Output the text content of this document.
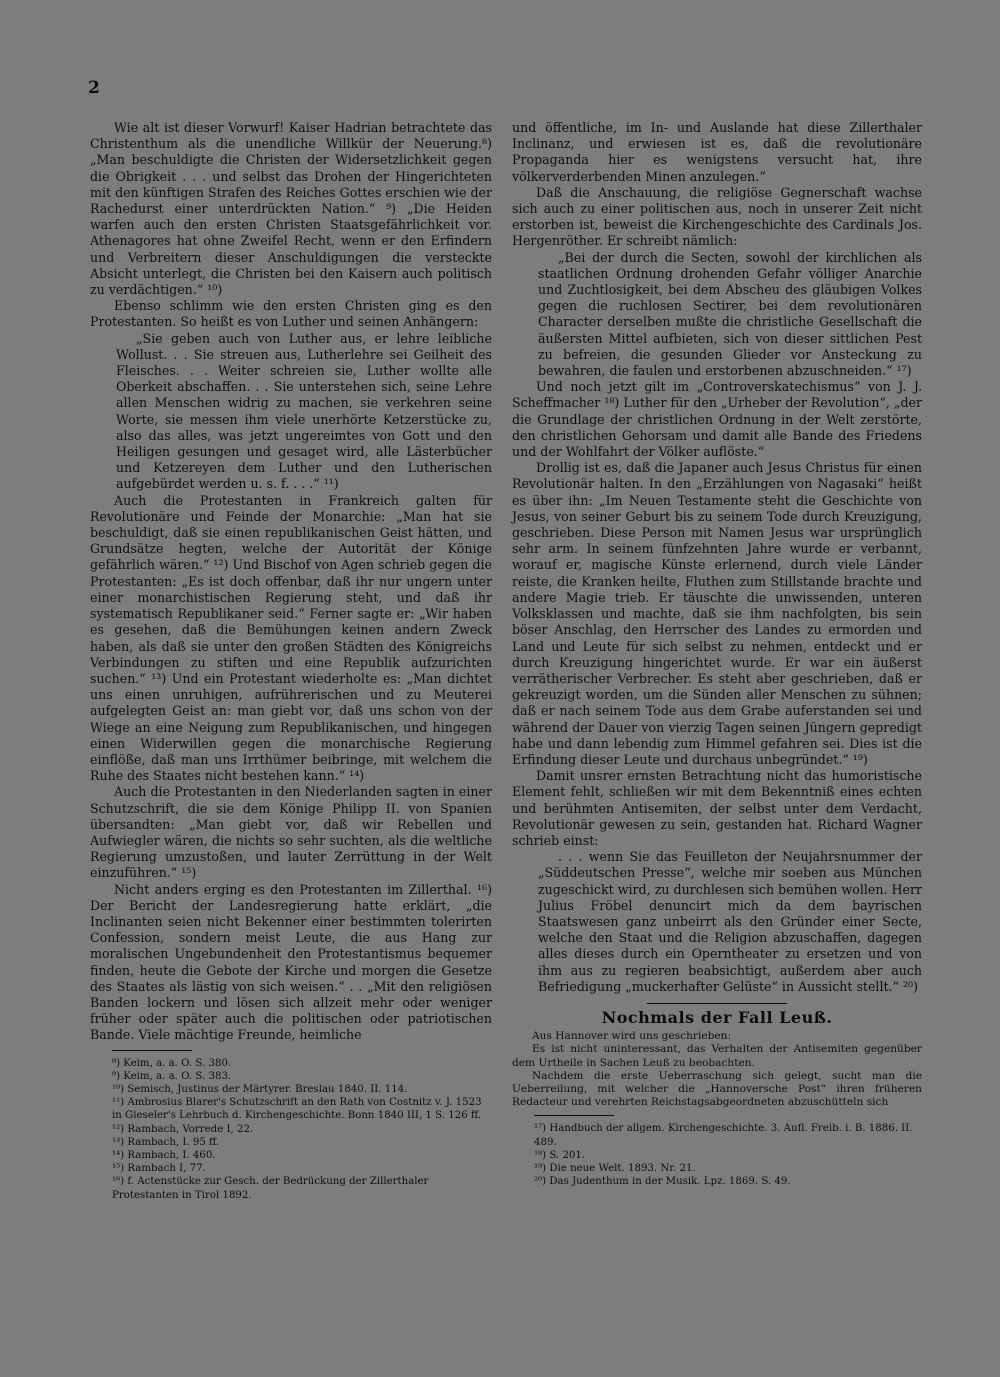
2

Wie alt ist dieser Vorwurf! Kaiser Hadrian betrachtete das Christenthum als die unendliche Willkür der Neuerung.⁸) „Man beschuldigte die Christen der Widersetzlichkeit gegen die Obrigkeit . . . und selbst das Drohen der Hingerichteten mit den künftigen Strafen des Reiches Gottes erschien wie der Rachedurst einer unterdrückten Nation.“ ⁹) „Die Heiden warfen auch den ersten Christen Staatsgefährlichkeit vor. Athenagores hat ohne Zweifel Recht, wenn er den Erfindern und Verbreitern dieser Anschuldigungen die versteckte Absicht unterlegt, die Christen bei den Kaisern auch politisch zu verdächtigen.“ ¹⁰)

Ebenso schlimm wie den ersten Christen ging es den Protestanten. So heißt es von Luther und seinen Anhängern:

„Sie geben auch von Luther aus, er lehre leibliche Wollust. . . Sie streuen aus, Lutherlehre sei Geilheit des Fleisches. . . Weiter schreien sie, Luther wollte alle Oberkeit abschaffen. . . Sie unterstehen sich, seine Lehre allen Menschen widrig zu machen, sie verkehren seine Worte, sie messen ihm viele unerhörte Ketzerstücke zu, also das alles, was jetzt ungereimtes von Gott und den Heiligen gesungen und gesaget wird, alle Lästerbücher und Ketzereyen dem Luther und den Lutherischen aufgebürdet werden u. s. f. . . .“ ¹¹)

Auch die Protestanten in Frankreich galten für Revolutionäre und Feinde der Monarchie: „Man hat sie beschuldigt, daß sie einen republikanischen Geist hätten, und Grundsätze hegten, welche der Autorität der Könige gefährlich wären.“ ¹²) Und Bischof von Agen schrieb gegen die Protestanten: „Es ist doch offenbar, daß ihr nur ungern unter einer monarchistischen Regierung steht, und daß ihr systematisch Republikaner seid.“ Ferner sagte er: „Wir haben es gesehen, daß die Bemühungen keinen andern Zweck haben, als daß sie unter den großen Städten des Königreichs Verbindungen zu stiften und eine Republik aufzurichten suchen.“ ¹³) Und ein Protestant wiederholte es: „Man dichtet uns einen unruhigen, aufrührerischen und zu Meuterei aufgelegten Geist an: man giebt vor, daß uns schon von der Wiege an eine Neigung zum Republikanischen, und hingegen einen Widerwillen gegen die monarchische Regierung einflöße, daß man uns Irrthümer beibringe, mit welchem die Ruhe des Staates nicht bestehen kann.“ ¹⁴)

Auch die Protestanten in den Niederlanden sagten in einer Schutzschrift, die sie dem Könige Philipp II. von Spanien übersandten: „Man giebt vor, daß wir Rebellen und Aufwiegler wären, die nichts so sehr suchten, als die weltliche Regierung umzustoßen, und lauter Zerrüttung in der Welt einzuführen.“ ¹⁵)

Nicht anders erging es den Protestanten im Zillerthal. ¹⁶) Der Bericht der Landesregierung hatte erklärt, „die Inclinanten seien nicht Bekenner einer bestimmten tolerirten Confession, sondern meist Leute, die aus Hang zur moralischen Ungebundenheit den Protestantismus bequemer finden, heute die Gebote der Kirche und morgen die Gesetze des Staates als lästig von sich weisen.“ . . „Mit den religiösen Banden lockern und lösen sich allzeit mehr oder weniger früher oder später auch die politischen oder patriotischen Bande. Viele mächtige Freunde, heimliche

⁸) Keim, a. a. O. S. 380.

⁹) Keim, a. a. O. S. 383.

¹⁰) Semisch, Justinus der Märtyrer. Breslau 1840. II. 114.

¹¹) Ambrosius Blarer's Schutzschrift an den Rath von Costnitz v. J. 1523 in Gieseler's Lehrbuch d. Kirchengeschichte. Bonn 1840 III, 1 S. 126 ff.

¹²) Rambach, Vorrede I, 22.

¹³) Rambach, I. 95 ff.

¹⁴) Rambach, I. 460.

¹⁵) Rambach I, 77.

¹⁶) f. Actenstücke zur Gesch. der Bedrückung der Zillerthaler Protestanten in Tirol 1892.

und öffentliche, im In- und Auslande hat diese Zillerthaler Inclinanz, und erwiesen ist es, daß die revolutionäre Propaganda hier es wenigstens versucht hat, ihre völkerverderbenden Minen anzulegen.“

Daß die Anschauung, die religiöse Gegnerschaft wachse sich auch zu einer politischen aus, noch in unserer Zeit nicht erstorben ist, beweist die Kirchengeschichte des Cardinals Jos. Hergenröther. Er schreibt nämlich:

„Bei der durch die Secten, sowohl der kirchlichen als staatlichen Ordnung drohenden Gefahr völliger Anarchie und Zuchtlosigkeit, bei dem Abscheu des gläubigen Volkes gegen die ruchlosen Sectirer, bei dem revolutionären Character derselben mußte die christliche Gesellschaft die äußersten Mittel aufbieten, sich von dieser sittlichen Pest zu befreien, die gesunden Glieder vor Ansteckung zu bewahren, die faulen und erstorbenen abzuschneiden.“ ¹⁷)

Und noch jetzt gilt im „Controverskatechismus“ von J. J. Scheffmacher ¹⁸) Luther für den „Urheber der Revolution“, „der die Grundlage der christlichen Ordnung in der Welt zerstörte, den christlichen Gehorsam und damit alle Bande des Friedens und der Wohlfahrt der Völker auflöste.“

Drollig ist es, daß die Japaner auch Jesus Christus für einen Revolutionär halten. In den „Erzählungen von Nagasaki“ heißt es über ihn: „Im Neuen Testamente steht die Geschichte von Jesus, von seiner Geburt bis zu seinem Tode durch Kreuzigung, geschrieben. Diese Person mit Namen Jesus war ursprünglich sehr arm. In seinem fünfzehnten Jahre wurde er verbannt, worauf er, magische Künste erlernend, durch viele Länder reiste, die Kranken heilte, Fluthen zum Stillstande brachte und andere Magie trieb. Er täuschte die unwissenden, unteren Volksklassen und machte, daß sie ihm nachfolgten, bis sein böser Anschlag, den Herrscher des Landes zu ermorden und Land und Leute für sich selbst zu nehmen, entdeckt und er durch Kreuzigung hingerichtet wurde. Er war ein äußerst verrätherischer Verbrecher. Es steht aber geschrieben, daß er gekreuzigt worden, um die Sünden aller Menschen zu sühnen; daß er nach seinem Tode aus dem Grabe auferstanden sei und während der Dauer von vierzig Tagen seinen Jüngern gepredigt habe und dann lebendig zum Himmel gefahren sei. Dies ist die Erfindung dieser Leute und durchaus unbegründet.“ ¹⁹)

Damit unsrer ernsten Betrachtung nicht das humoristische Element fehlt, schließen wir mit dem Bekenntniß eines echten und berühmten Antisemiten, der selbst unter dem Verdacht, Revolutionär gewesen zu sein, gestanden hat. Richard Wagner schrieb einst:

. . . wenn Sie das Feuilleton der Neujahrsnummer der „Süddeutschen Presse“, welche mir soeben aus München zugeschickt wird, zu durchlesen sich bemühen wollen. Herr Julius Fröbel denuncirt mich da dem bayrischen Staatswesen ganz unbeirrt als den Gründer einer Secte, welche den Staat und die Religion abzuschaffen, dagegen alles dieses durch ein Operntheater zu ersetzen und von ihm aus zu regieren beabsichtigt, außerdem aber auch Befriedigung „muckerhafter Gelüste“ in Aussicht stellt.“ ²⁰)
Nochmals der Fall Leuß.

Aus Hannover wird uns geschrieben:

Es ist nicht uninteressant, das Verhalten der Antisemiten gegenüber dem Urtheile in Sachen Leuß zu beobachten.

Nachdem die erste Ueberraschung sich gelegt, sucht man die Ueberreilung, mit welcher die „Hannoversche Post“ ihren früheren Redacteur und verehrten Reichstagsabgeordneten abzuschütteln sich

¹⁷) Handbuch der allgem. Kirchengeschichte. 3. Aufl. Freib. i. B. 1886. II. 489.

¹⁸) S. 201.

¹⁹) Die neue Welt. 1893. Nr. 21.

²⁰) Das Judenthum in der Musik. Lpz. 1869. S. 49.
